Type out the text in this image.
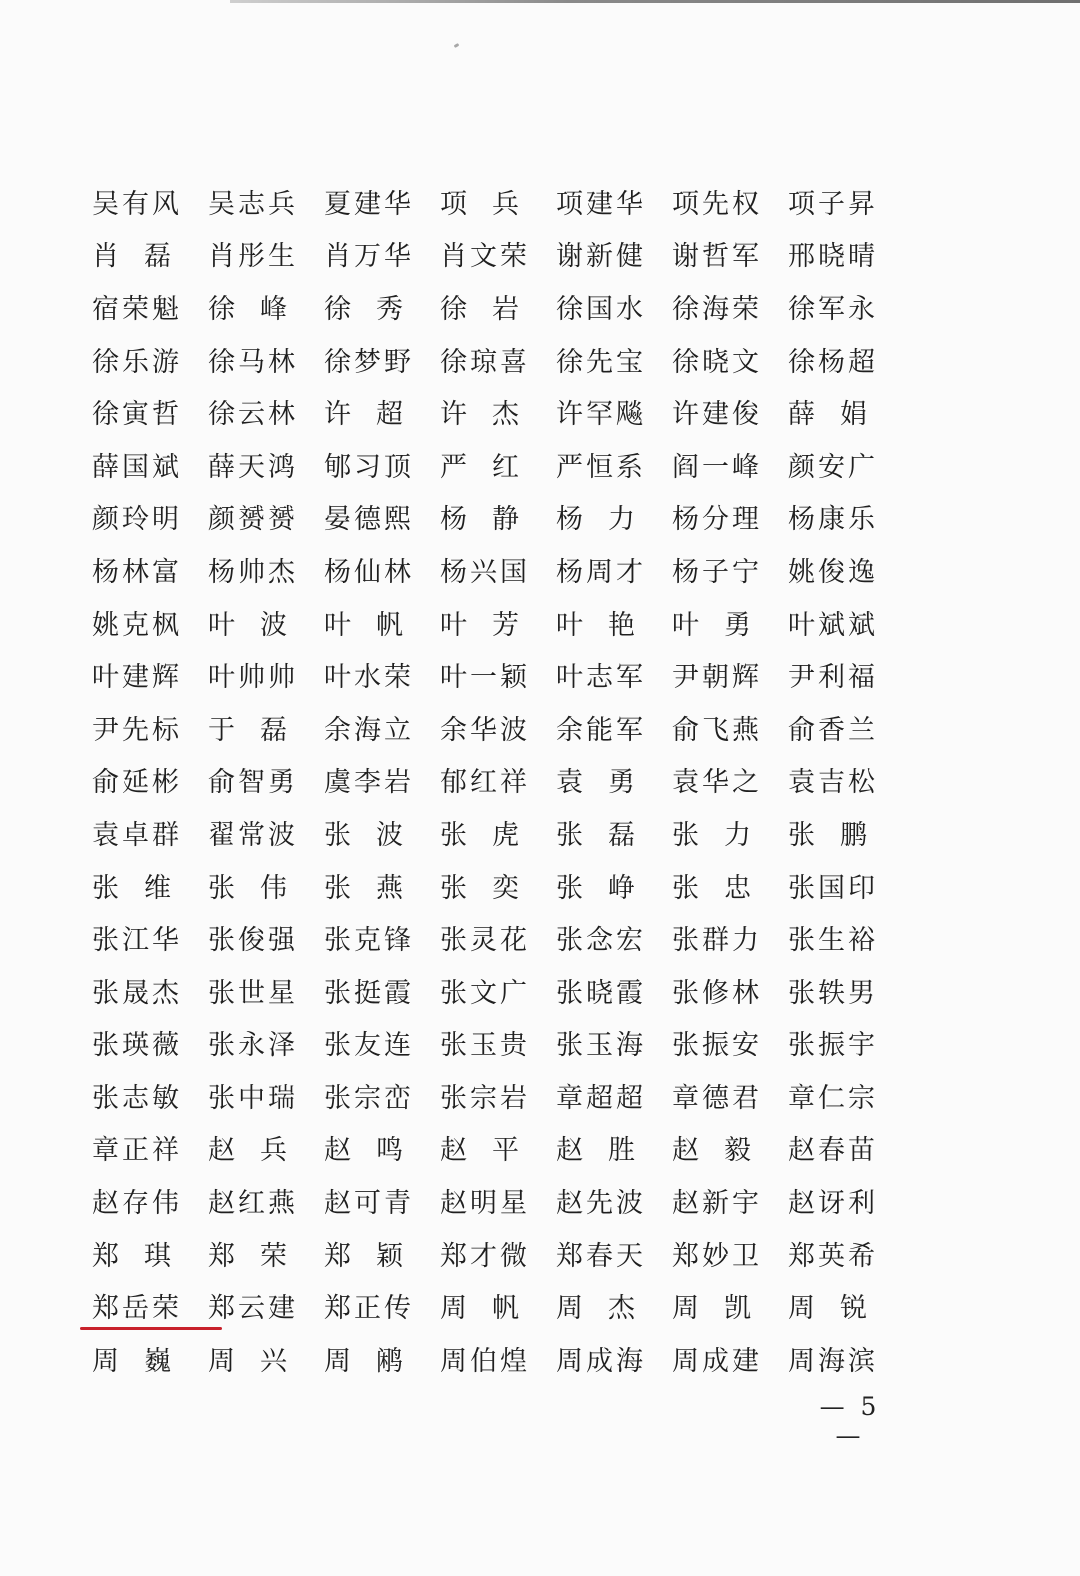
吴有风 吴志兵 夏建华 项 兵 项建华 项先权 项子昇
肖 磊 肖彤生 肖万华 肖文荣 谢新健 谢哲军 邢晓晴
宿荣魁 徐 峰 徐 秀 徐 岩 徐国水 徐海荣 徐军永
徐乐游 徐马林 徐梦野 徐琼喜 徐先宝 徐晓文 徐杨超
徐寅哲 徐云林 许 超 许 杰 许罕飚 许建俊 薛 娟
薛国斌 薛天鸿 郇习顶 严 红 严恒系 阎一峰 颜安广
颜玲明 颜赟赟 晏德熙 杨 静 杨 力 杨分理 杨康乐
杨林富 杨帅杰 杨仙林 杨兴国 杨周才 杨子宁 姚俊逸
姚克枫 叶 波 叶 帆 叶 芳 叶 艳 叶 勇 叶斌斌
叶建辉 叶帅帅 叶水荣 叶一颖 叶志军 尹朝辉 尹利福
尹先标 于 磊 余海立 余华波 余能军 俞飞燕 俞香兰
俞延彬 俞智勇 虞李岩 郁红祥 袁 勇 袁华之 袁吉松
袁卓群 翟常波 张 波 张 虎 张 磊 张 力 张 鹏
张 维 张 伟 张 燕 张 奕 张 峥 张 忠 张国印
张江华 张俊强 张克锋 张灵花 张念宏 张群力 张生裕
张晟杰 张世星 张挺霞 张文广 张晓霞 张修林 张轶男
张瑛薇 张永泽 张友连 张玉贵 张玉海 张振安 张振宇
张志敏 张中瑞 张宗峦 张宗岩 章超超 章德君 章仁宗
章正祥 赵 兵 赵 鸣 赵 平 赵 胜 赵 毅 赵春苗
赵存伟 赵红燕 赵可青 赵明星 赵先波 赵新宇 赵讶利
郑 琪 郑 荣 郑 颖 郑才微 郑春天 郑妙卫 郑英希
郑岳荣 郑云建 郑正传 周 帆 周 杰 周 凯 周 锐
周 巍 周 兴 周 鹇 周伯煌 周成海 周成建 周海滨
— 5 —
